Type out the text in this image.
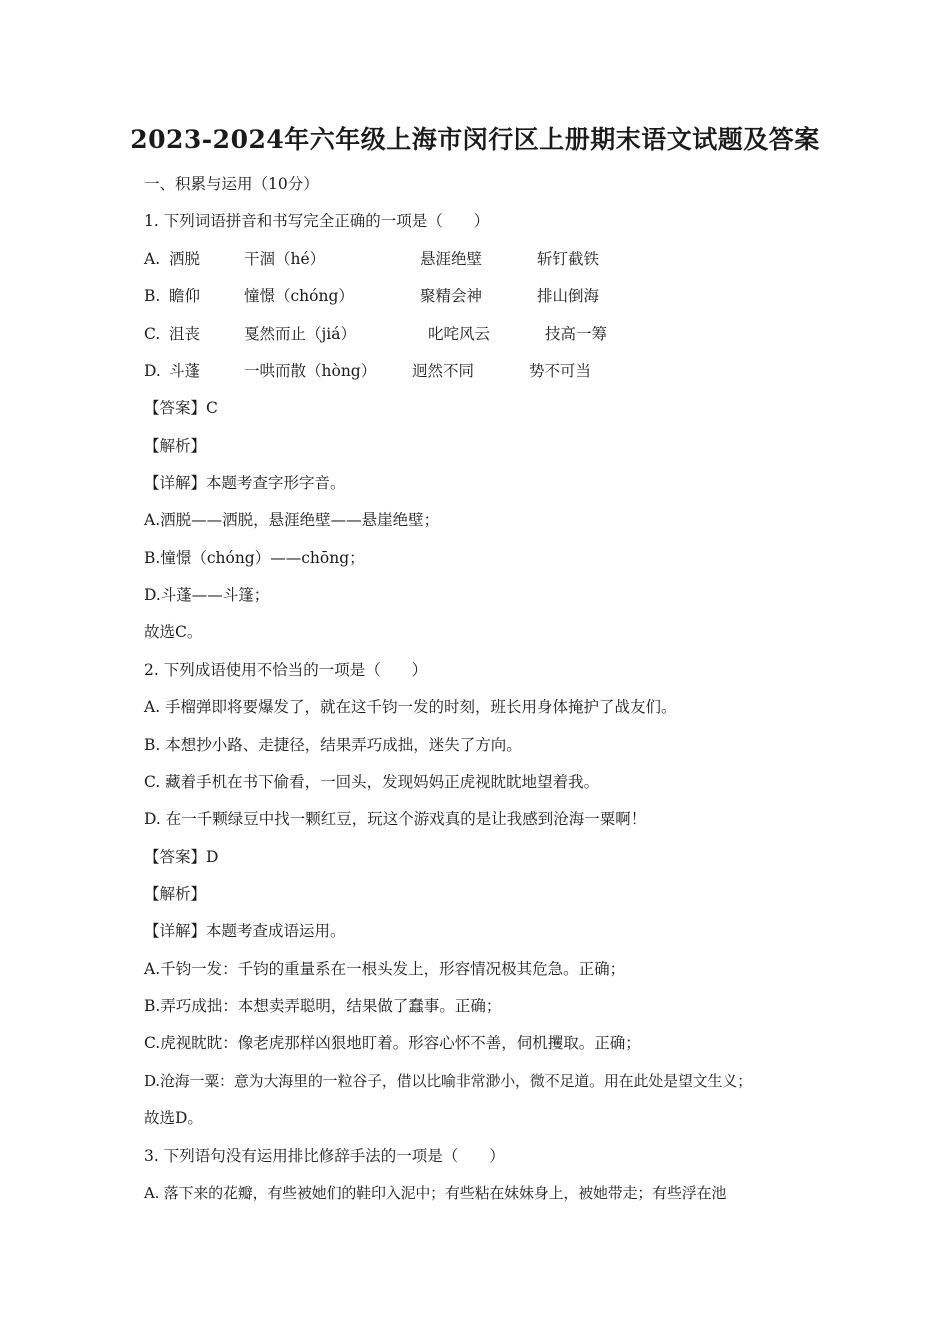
2023-2024年六年级上海市闵行区上册期末语文试题及答案
一、积累与运用（10分）
1. 下列词语拼音和书写完全正确的一项是（　　）
A. 洒脱	干涸（hé）	悬涯绝壁	斩钉截铁
B. 瞻仰	憧憬（chóng）	聚精会神	排山倒海
C. 沮丧	戛然而止（jiá）	叱咤风云	技高一筹
D. 斗蓬	一哄而散（hòng） 迥然不同	势不可当
【答案】C
【解析】
【详解】本题考查字形字音。
A.洒脱——洒脱，悬涯绝壁——悬崖绝壁；
B.憧憬（chóng）——chōng；
D.斗蓬——斗篷；
故选C。
2. 下列成语使用不恰当的一项是（　　）
A. 手榴弹即将要爆发了，就在这千钧一发的时刻，班长用身体掩护了战友们。
B. 本想抄小路、走捷径，结果弄巧成拙，迷失了方向。
C. 藏着手机在书下偷看，一回头，发现妈妈正虎视眈眈地望着我。
D. 在一千颗绿豆中找一颗红豆，玩这个游戏真的是让我感到沧海一粟啊！
【答案】D
【解析】
【详解】本题考查成语运用。
A.千钧一发：千钧的重量系在一根头发上，形容情况极其危急。正确；
B.弄巧成拙：本想卖弄聪明，结果做了蠢事。正确；
C.虎视眈眈：像老虎那样凶狠地盯着。形容心怀不善，伺机攫取。正确；
D.沧海一粟：意为大海里的一粒谷子，借以比喻非常渺小，微不足道。用在此处是望文生义；
故选D。
3. 下列语句没有运用排比修辞手法的一项是（　　）
A. 落下来的花瓣，有些被她们的鞋印入泥中；有些粘在妹妹身上，被她带走；有些浮在池
